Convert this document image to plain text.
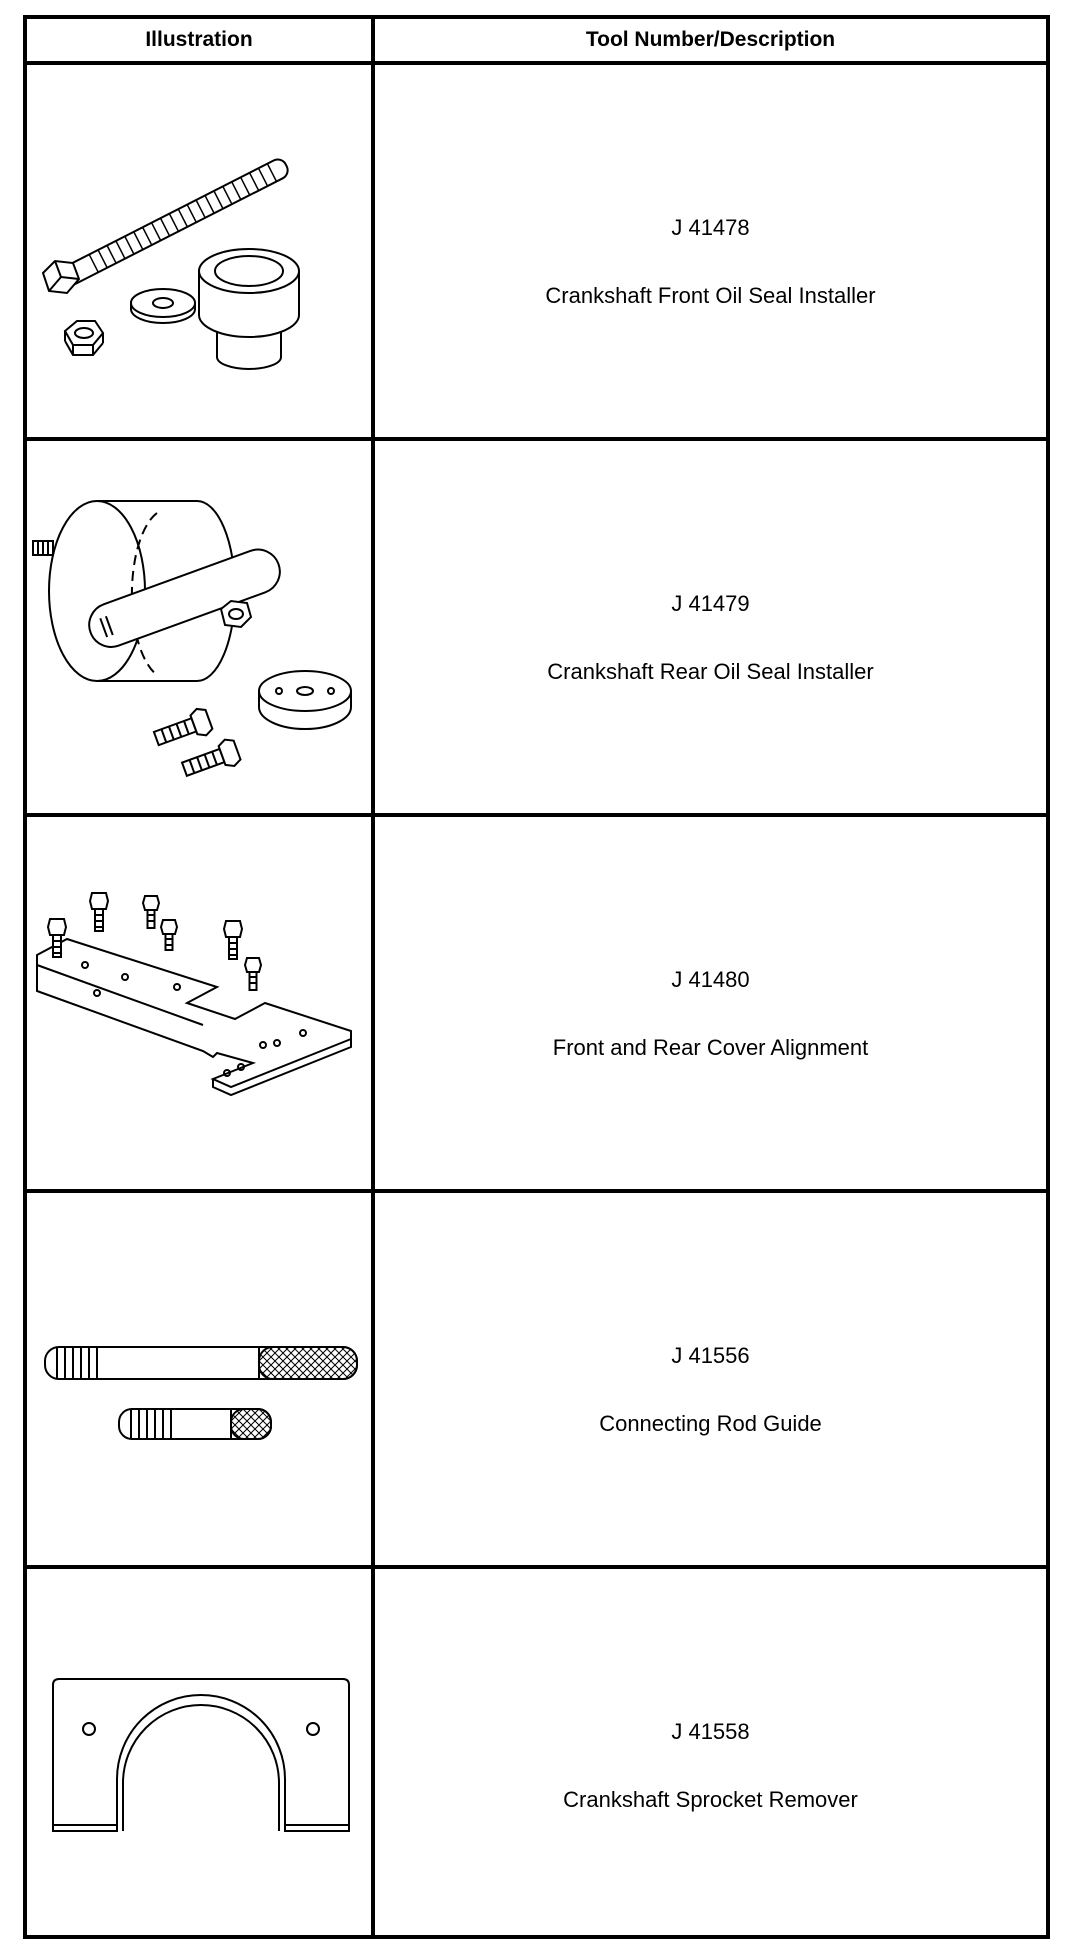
Illustration	Tool Number/Description
J 41478
Crankshaft Front Oil Seal Installer
J 41479
Crankshaft Rear Oil Seal Installer
J 41480
Front and Rear Cover Alignment
J 41556
Connecting Rod Guide
J 41558
Crankshaft Sprocket Remover
